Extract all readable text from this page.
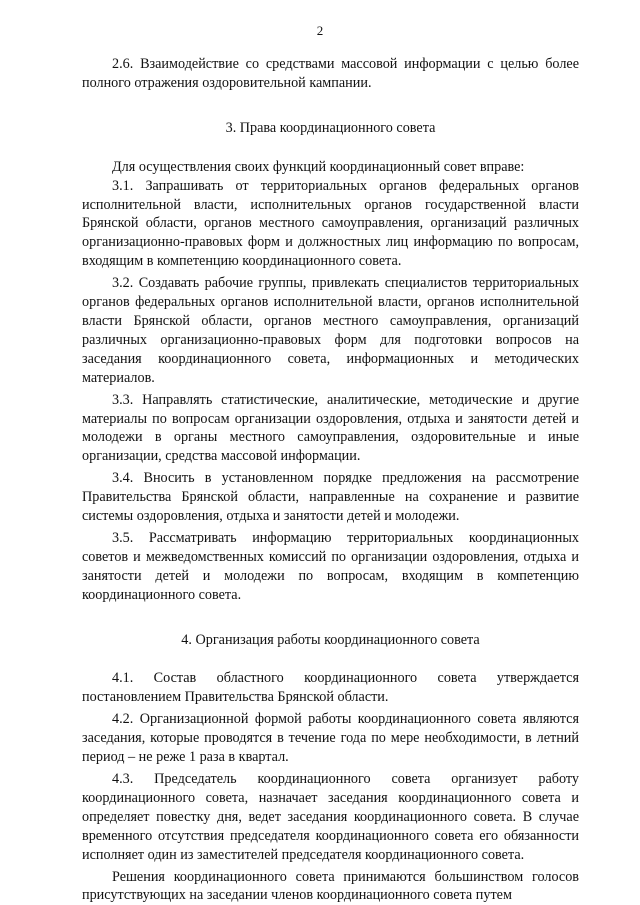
2

2.6. Взаимодействие со средствами массовой информации с целью более полного отражения оздоровительной кампании.

3. Права координационного совета

Для осуществления своих функций координационный совет вправе:

3.1. Запрашивать от территориальных органов федеральных органов исполнительной власти, исполнительных органов государственной власти Брянской области, органов местного самоуправления, организаций различных организационно-правовых форм и должностных лиц информацию по вопросам, входящим в компетенцию координационного совета.

3.2. Создавать рабочие группы, привлекать специалистов территориальных органов федеральных органов исполнительной власти, органов исполнительной власти Брянской области, органов местного самоуправления, организаций различных организационно-правовых форм для подготовки вопросов на заседания координационного совета, информационных и методических материалов.

3.3. Направлять статистические, аналитические, методические и другие материалы по вопросам организации оздоровления, отдыха и занятости детей и молодежи в органы местного самоуправления, оздоровительные и иные организации, средства массовой информации.

3.4. Вносить в установленном порядке предложения на рассмотрение Правительства Брянской области, направленные на сохранение и развитие системы оздоровления, отдыха и занятости детей и молодежи.

3.5. Рассматривать информацию территориальных координационных советов и межведомственных комиссий по организации оздоровления, отдыха и занятости детей и молодежи по вопросам, входящим в компетенцию координационного совета.

4. Организация работы координационного совета

4.1. Состав областного координационного совета утверждается постановлением Правительства Брянской области.

4.2. Организационной формой работы координационного совета являются заседания, которые проводятся в течение года по мере необходимости, в летний период – не реже 1 раза в квартал.

4.3. Председатель координационного совета организует работу координационного совета, назначает заседания координационного совета и определяет повестку дня, ведет заседания координационного совета. В случае временного отсутствия председателя координационного совета его обязанности исполняет один из заместителей председателя координационного совета.

Решения координационного совета принимаются большинством голосов присутствующих на заседании членов координационного совета путем
